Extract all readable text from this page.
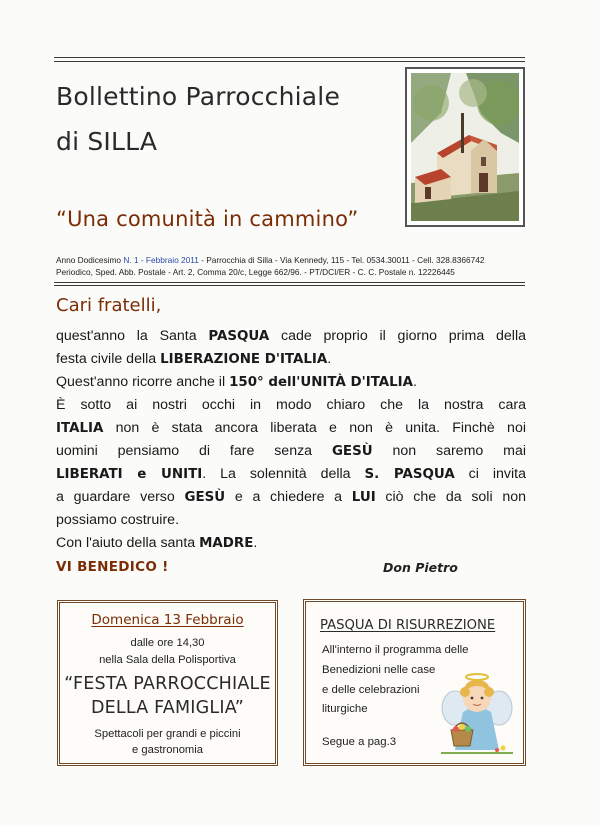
Bollettino Parrocchiale
di SILLA
“Una comunità in cammino”
Anno Dodicesimo N. 1 - Febbraio 2011 - Parrocchia di Silla - Via Kennedy, 115 - Tel. 0534.30011 - Cell. 328.8366742
Periodico, Sped. Abb. Postale - Art. 2, Comma 20/c, Legge 662/96. - PT/DCI/ER - C. C. Postale n. 12226445
Cari fratelli,
quest'anno la Santa PASQUA cade proprio il giorno prima della
festa civile della LIBERAZIONE D'ITALIA.
Quest'anno ricorre anche il 150° dell'UNITÀ D'ITALIA.
È sotto ai nostri occhi in modo chiaro che la nostra cara
ITALIA non è stata ancora liberata e non è unita. Finchè noi
uomini pensiamo di fare senza GESÙ non saremo mai
LIBERATI e UNITI. La solennità della S. PASQUA ci invita
a guardare verso GESÙ e a chiedere a LUI ciò che da soli non
possiamo costruire.
Con l'aiuto della santa MADRE.
VI BENEDICO !	Don Pietro
Domenica 13 Febbraio
dalle ore 14,30
nella Sala della Polisportiva
“FESTA PARROCCHIALE
DELLA FAMIGLIA”
Spettacoli per grandi e piccini
e gastronomia
PASQUA DI RISURREZIONE
All'interno il programma delle
Benedizioni nelle case
e delle celebrazioni
liturgiche
Segue a pag.3
